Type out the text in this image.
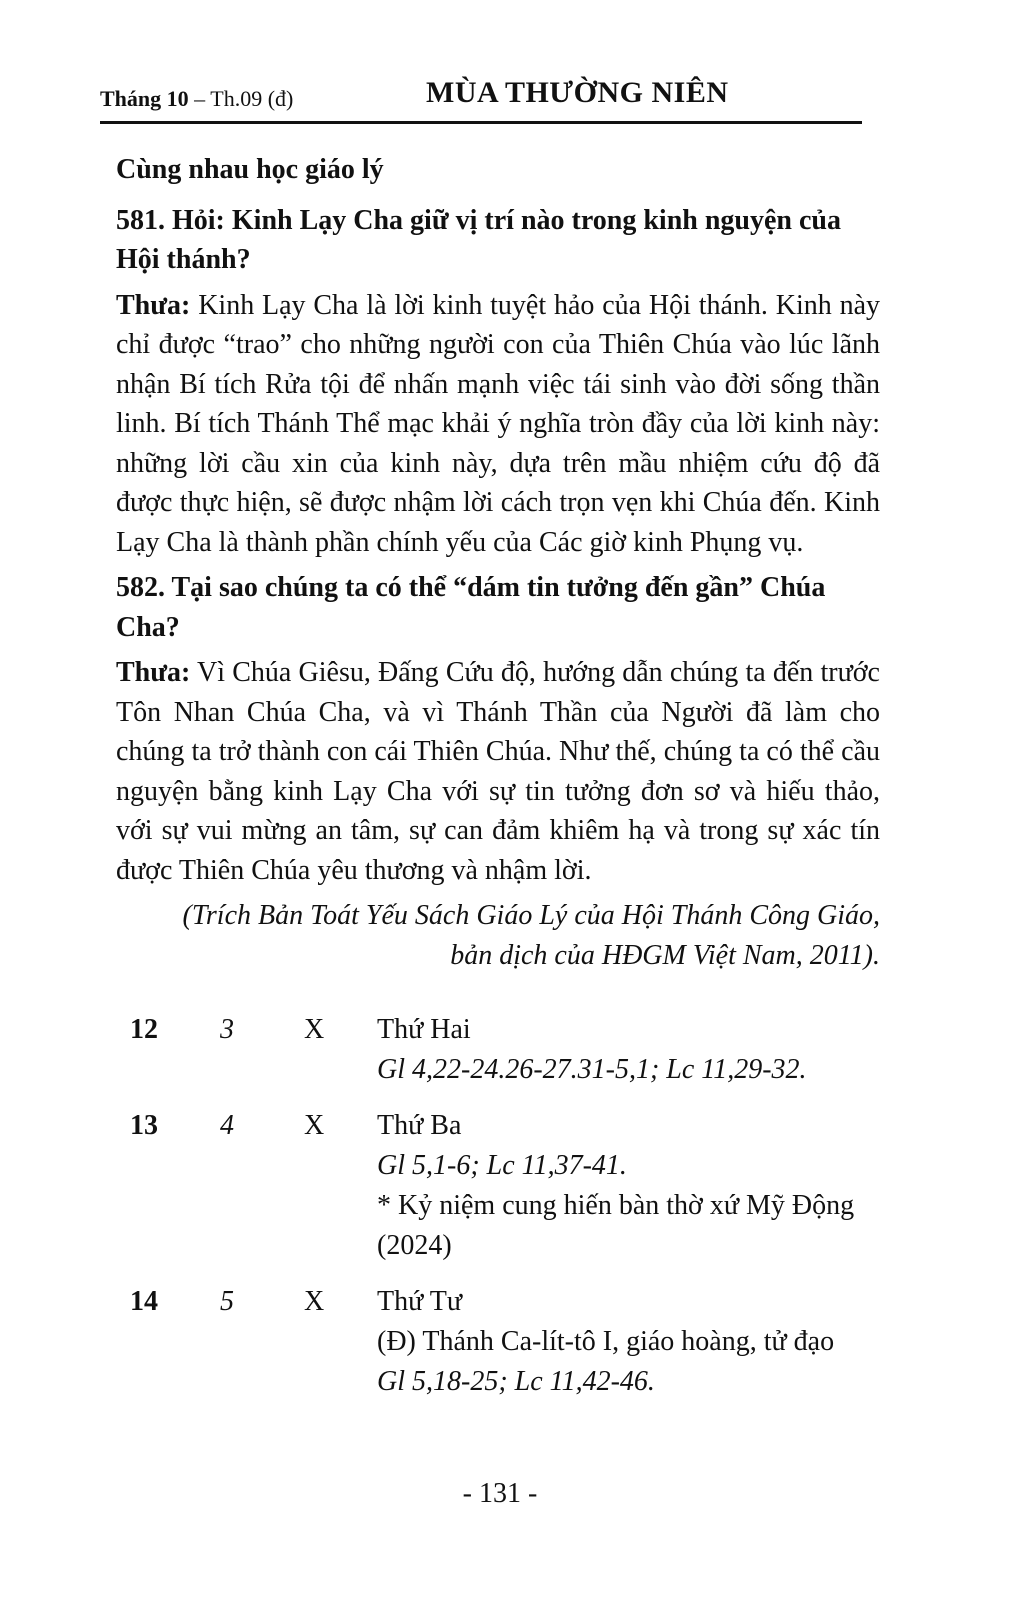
Tháng 10 – Th.09 (đ)	MÙA THƯỜNG NIÊN

Cùng nhau học giáo lý

581. Hỏi: Kinh Lạy Cha giữ vị trí nào trong kinh nguyện của Hội thánh?

Thưa: Kinh Lạy Cha là lời kinh tuyệt hảo của Hội thánh. Kinh này chỉ được “trao” cho những người con của Thiên Chúa vào lúc lãnh nhận Bí tích Rửa tội để nhấn mạnh việc tái sinh vào đời sống thần linh. Bí tích Thánh Thể mạc khải ý nghĩa tròn đầy của lời kinh này: những lời cầu xin của kinh này, dựa trên mầu nhiệm cứu độ đã được thực hiện, sẽ được nhậm lời cách trọn vẹn khi Chúa đến. Kinh Lạy Cha là thành phần chính yếu của Các giờ kinh Phụng vụ.

582. Tại sao chúng ta có thể “dám tin tưởng đến gần” Chúa Cha?

Thưa: Vì Chúa Giêsu, Đấng Cứu độ, hướng dẫn chúng ta đến trước Tôn Nhan Chúa Cha, và vì Thánh Thần của Người đã làm cho chúng ta trở thành con cái Thiên Chúa. Như thế, chúng ta có thể cầu nguyện bằng kinh Lạy Cha với sự tin tưởng đơn sơ và hiếu thảo, với sự vui mừng an tâm, sự can đảm khiêm hạ và trong sự xác tín được Thiên Chúa yêu thương và nhậm lời.

(Trích Bản Toát Yếu Sách Giáo Lý của Hội Thánh Công Giáo,

bản dịch của HĐGM Việt Nam, 2011).

12 3	X Thứ Hai
Gl 4,22-24.26-27.31-5,1; Lc 11,29-32.
13 4	X Thứ Ba
Gl 5,1-6; Lc 11,37-41.
* Kỷ niệm cung hiến bàn thờ xứ Mỹ Động (2024)
14 5	X Thứ Tư
(Đ) Thánh Ca-lít-tô I, giáo hoàng, tử đạo
Gl 5,18-25; Lc 11,42-46.
- 131 -
